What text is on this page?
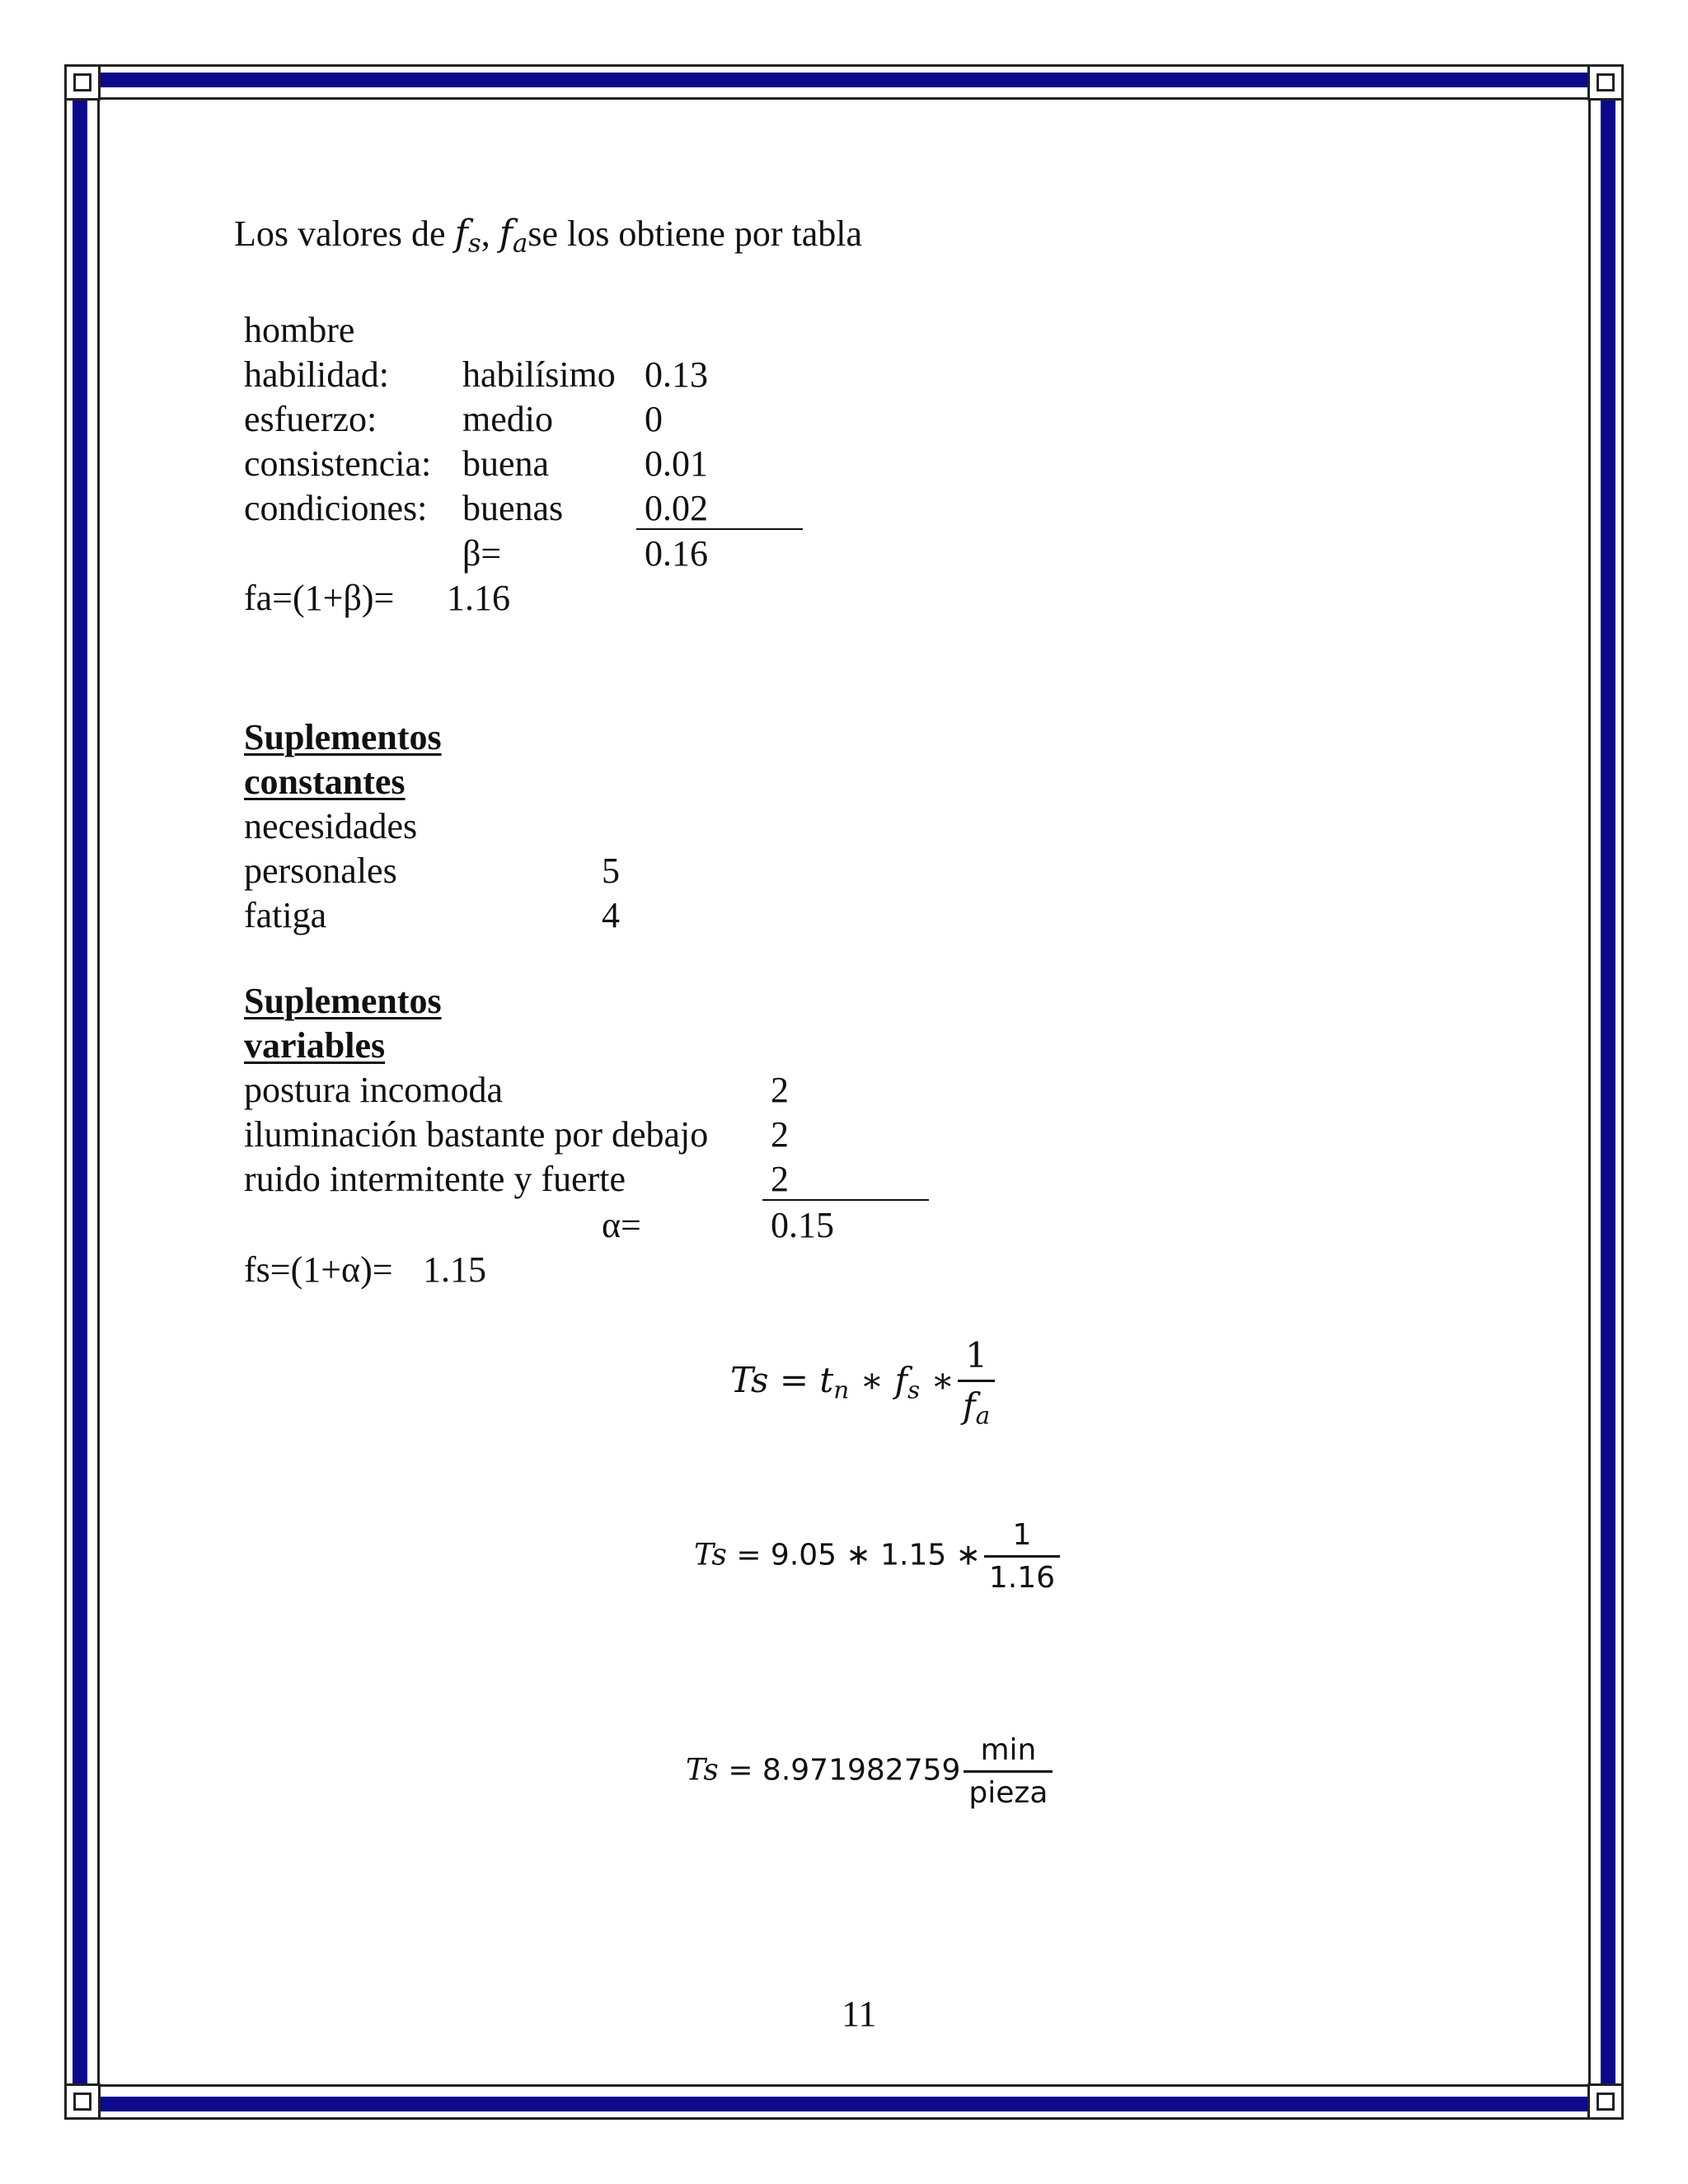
Los valores de $f_s$, $f_ase$ los obtiene por tabla
hombre
habilidad: habilísimo 0.13
esfuerzo: medio	0
consistencia: buena	0.01
condiciones: buenas 0.02
β=	0.16
fa=(1+β)= 1.16
Suplementos
constantes
necesidades
personales	5
fatiga	4
Suplementos
variables
postura incomoda	2
iluminación bastante por debajo 2
ruido intermitente y fuerte	2
α=	0.15
fs=(1+α)= 1.15
$Ts = t_n$ ∗ $f_s$ ∗ $\frac{1}{f_a}$
Ts = 9.05 ∗ 1.15 ∗ $\frac{1}{1.16}$
$Ts = 8.971982759 \frac{\min}{\text{pieza}}$
11
